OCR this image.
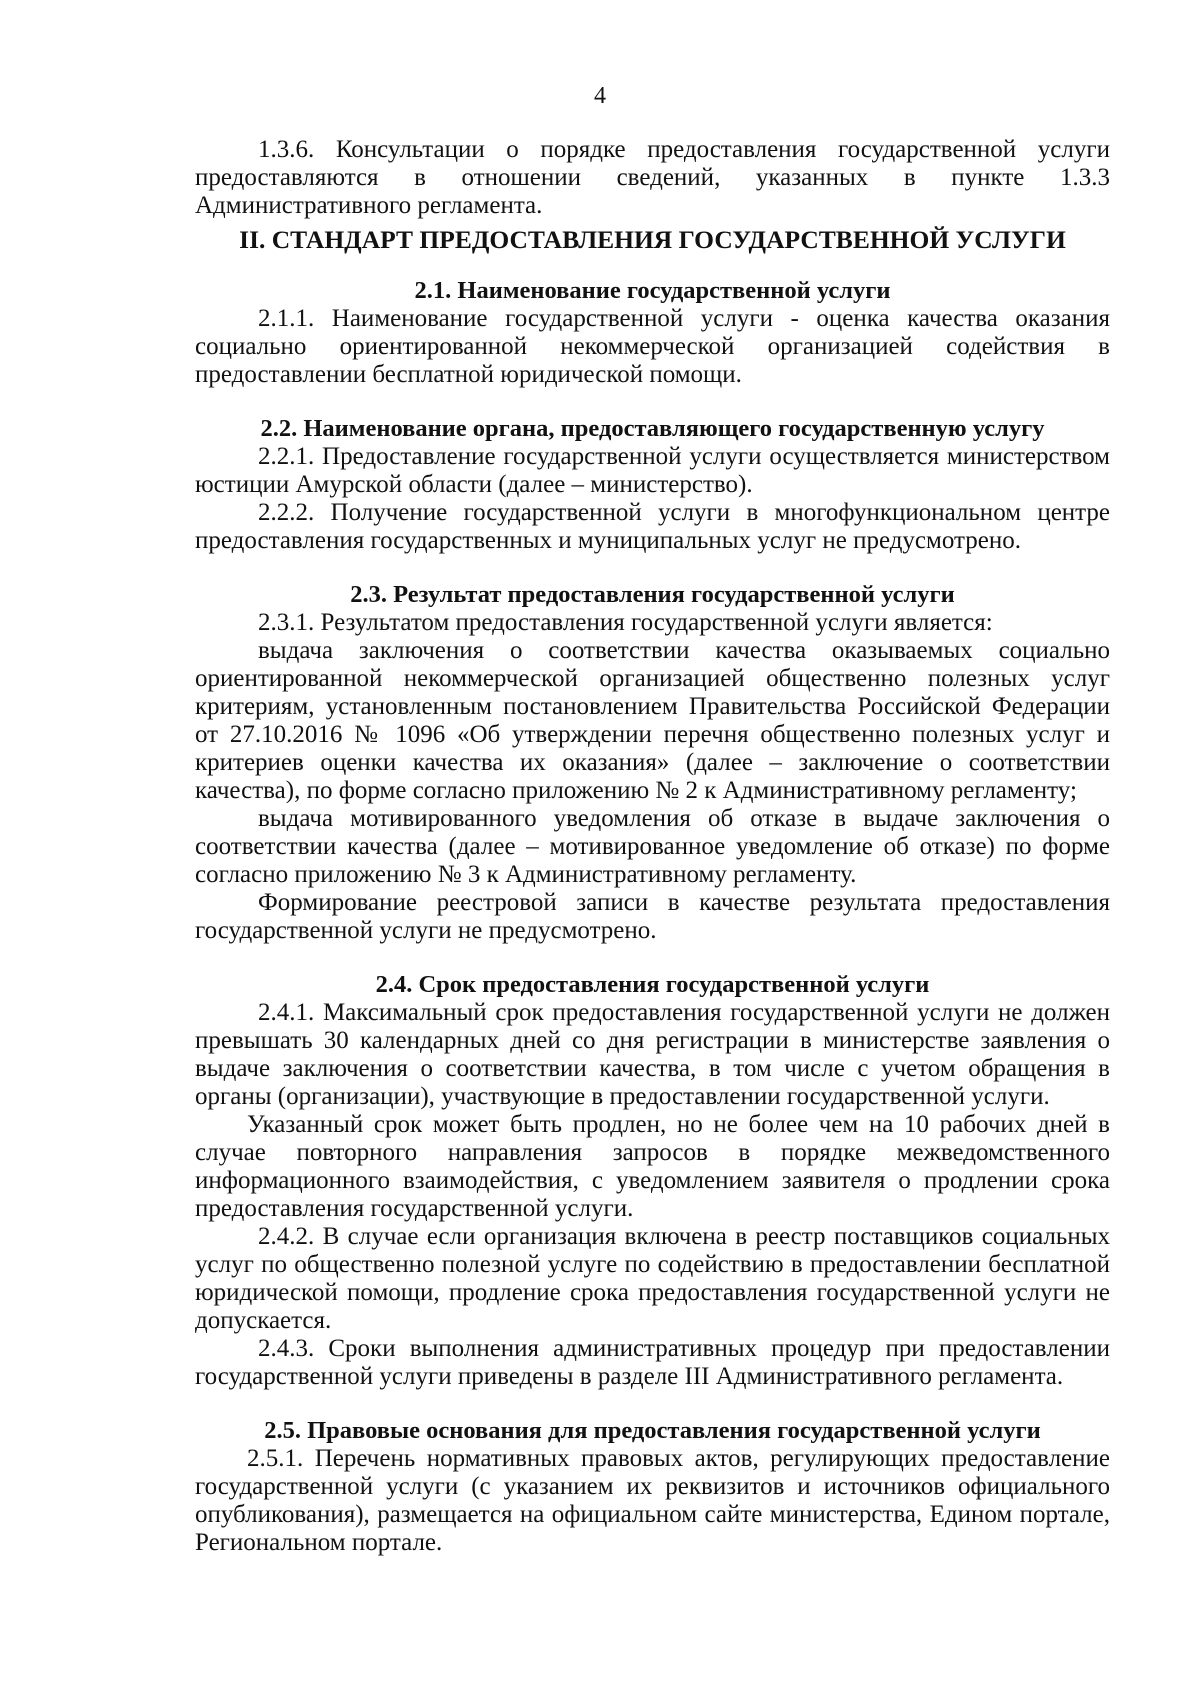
4

1.3.6. Консультации о порядке предоставления государственной услуги предоставляются в отношении сведений, указанных в пункте 1.3.3 Административного регламента.

II. СТАНДАРТ ПРЕДОСТАВЛЕНИЯ ГОСУДАРСТВЕННОЙ УСЛУГИ
2.1. Наименование государственной услуги

2.1.1. Наименование государственной услуги - оценка качества оказания социально ориентированной некоммерческой организацией содействия в предоставлении бесплатной юридической помощи.

2.2. Наименование органа, предоставляющего государственную услугу

2.2.1. Предоставление государственной услуги осуществляется министерством юстиции Амурской области (далее – министерство).

2.2.2. Получение государственной услуги в многофункциональном центре предоставления государственных и муниципальных услуг не предусмотрено.

2.3. Результат предоставления государственной услуги

2.3.1. Результатом предоставления государственной услуги является:

выдача заключения о соответствии качества оказываемых социально ориентированной некоммерческой организацией общественно полезных услуг критериям, установленным постановлением Правительства Российской Федерации от 27.10.2016 № 1096 «Об утверждении перечня общественно полезных услуг и критериев оценки качества их оказания» (далее – заключение о соответствии качества), по форме согласно приложению № 2 к Административному регламенту;

выдача мотивированного уведомления об отказе в выдаче заключения о соответствии качества (далее – мотивированное уведомление об отказе) по форме согласно приложению № 3 к Административному регламенту.

Формирование реестровой записи в качестве результата предоставления государственной услуги не предусмотрено.

2.4. Срок предоставления государственной услуги

2.4.1. Максимальный срок предоставления государственной услуги не должен превышать 30 календарных дней со дня регистрации в министерстве заявления о выдаче заключения о соответствии качества, в том числе с учетом обращения в органы (организации), участвующие в предоставлении государственной услуги.

Указанный срок может быть продлен, но не более чем на 10 рабочих дней в случае повторного направления запросов в порядке межведомственного информационного взаимодействия, с уведомлением заявителя о продлении срока предоставления государственной услуги.

2.4.2. В случае если организация включена в реестр поставщиков социальных услуг по общественно полезной услуге по содействию в предоставлении бесплатной юридической помощи, продление срока предоставления государственной услуги не допускается.

2.4.3. Сроки выполнения административных процедур при предоставлении государственной услуги приведены в разделе III Административного регламента.

2.5. Правовые основания для предоставления государственной услуги

2.5.1. Перечень нормативных правовых актов, регулирующих предоставление государственной услуги (с указанием их реквизитов и источников официального опубликования), размещается на официальном сайте министерства, Едином портале, Региональном портале.
